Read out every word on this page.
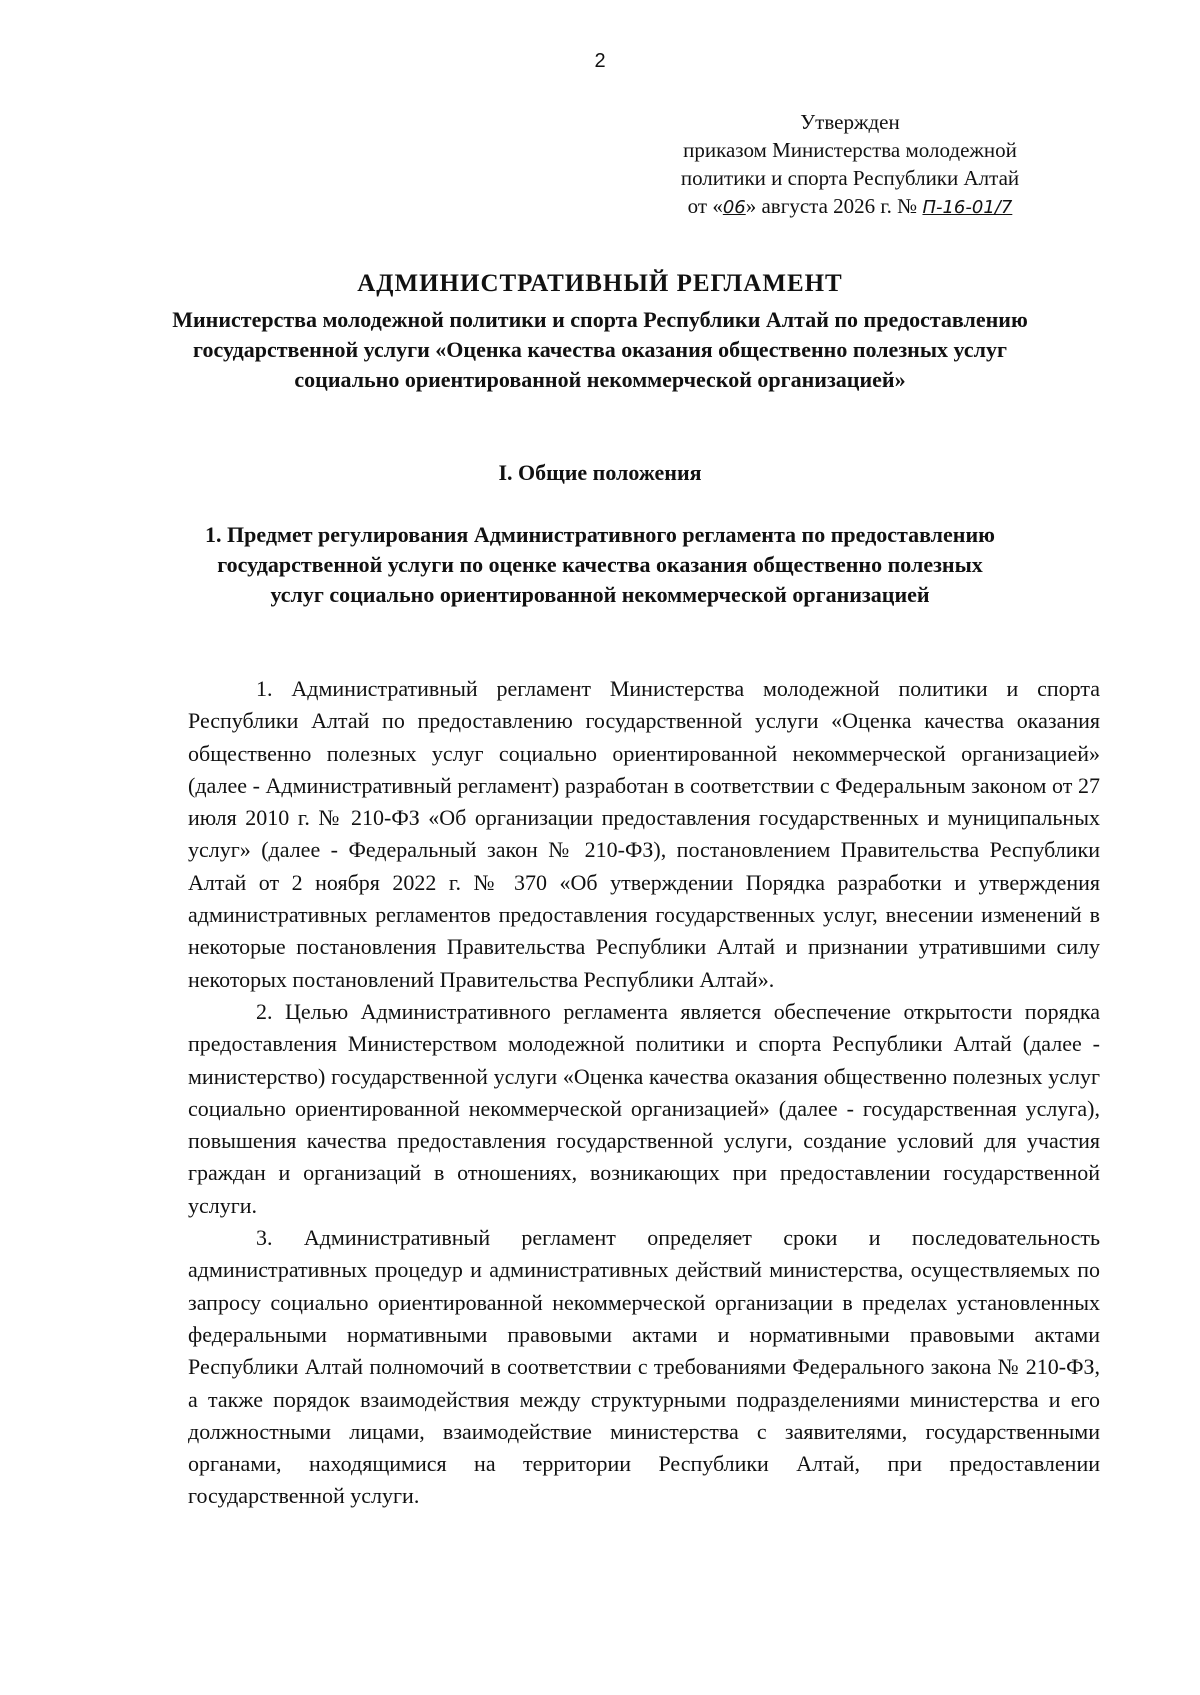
2
Утвержден
приказом Министерства молодежной
политики и спорта Республики Алтай
от «06» августа 2026 г. № П-16-01/7
АДМИНИСТРАТИВНЫЙ РЕГЛАМЕНТ
Министерства молодежной политики и спорта Республики Алтай по предоставлению государственной услуги «Оценка качества оказания общественно полезных услуг социально ориентированной некоммерческой организацией»
I. Общие положения
1. Предмет регулирования Административного регламента по предоставлению государственной услуги по оценке качества оказания общественно полезных услуг социально ориентированной некоммерческой организацией

1. Административный регламент Министерства молодежной политики и спорта Республики Алтай по предоставлению государственной услуги «Оценка качества оказания общественно полезных услуг социально ориентированной некоммерческой организацией» (далее - Административный регламент) разработан в соответствии с Федеральным законом от 27 июля 2010 г. № 210-ФЗ «Об организации предоставления государственных и муниципальных услуг» (далее - Федеральный закон № 210-ФЗ), постановлением Правительства Республики Алтай от 2 ноября 2022 г. № 370 «Об утверждении Порядка разработки и утверждения административных регламентов предоставления государственных услуг, внесении изменений в некоторые постановления Правительства Республики Алтай и признании утратившими силу некоторых постановлений Правительства Республики Алтай».

2. Целью Административного регламента является обеспечение открытости порядка предоставления Министерством молодежной политики и спорта Республики Алтай (далее - министерство) государственной услуги «Оценка качества оказания общественно полезных услуг социально ориентированной некоммерческой организацией» (далее - государственная услуга), повышения качества предоставления государственной услуги, создание условий для участия граждан и организаций в отношениях, возникающих при предоставлении государственной услуги.

3. Административный регламент определяет сроки и последовательность административных процедур и административных действий министерства, осуществляемых по запросу социально ориентированной некоммерческой организации в пределах установленных федеральными нормативными правовыми актами и нормативными правовыми актами Республики Алтай полномочий в соответствии с требованиями Федерального закона № 210-ФЗ, а также порядок взаимодействия между структурными подразделениями министерства и его должностными лицами, взаимодействие министерства с заявителями, государственными органами, находящимися на территории Республики Алтай, при предоставлении государственной услуги.
